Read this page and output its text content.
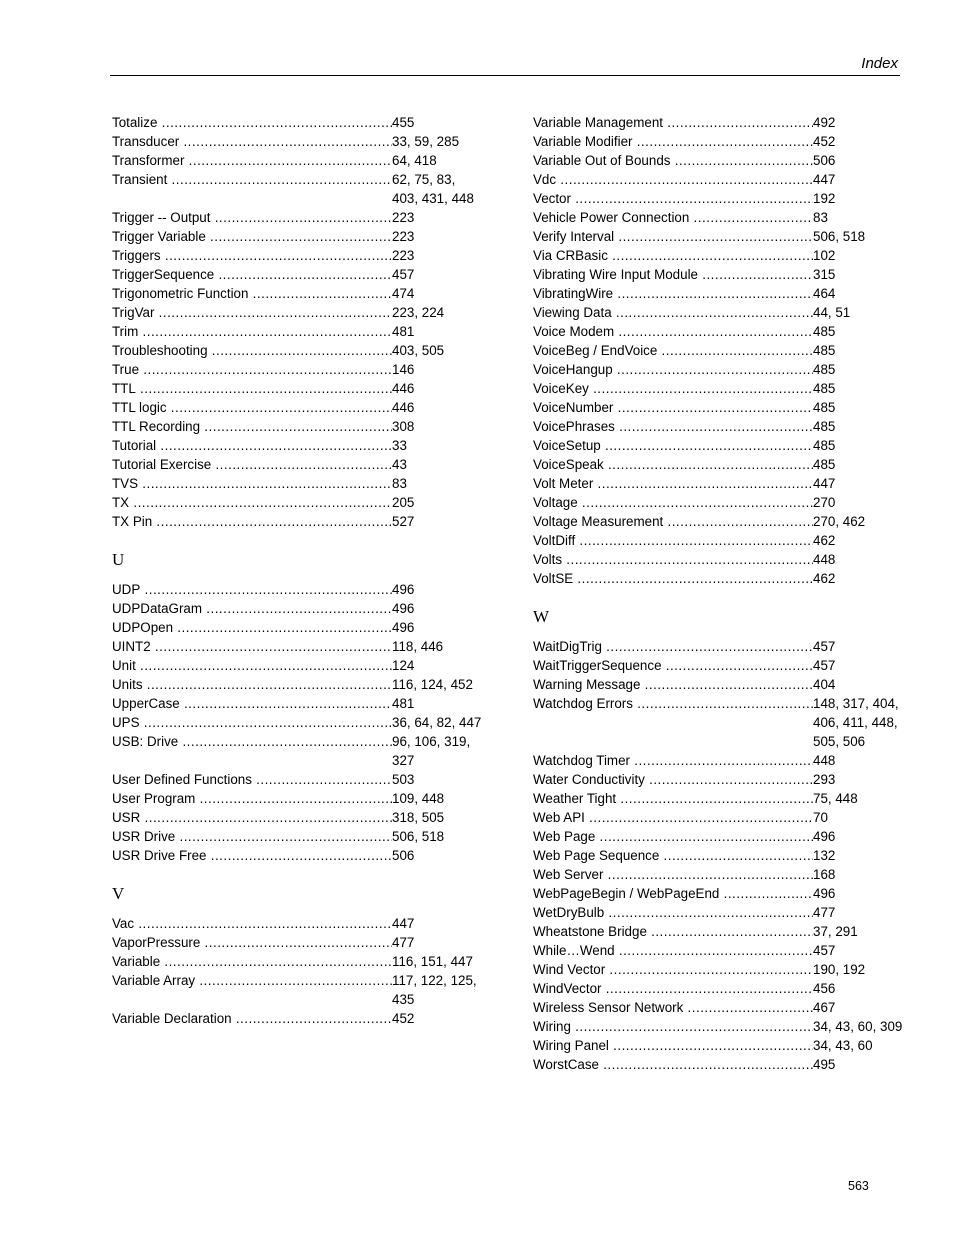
Index
Totalize .....	455
Transducer .....	33, 59, 285
Transformer .....	64, 418
Transient .....	62, 75, 83, 403, 431, 448
Trigger -- Output .....	223
Trigger Variable .....	223
Triggers .....	223
TriggerSequence .....	457
Trigonometric Function .....	474
TrigVar .....	223, 224
Trim .....	481
Troubleshooting .....	403, 505
True .....	146
TTL .....	446
TTL logic .....	446
TTL Recording .....	308
Tutorial .....	33
Tutorial Exercise .....	43
TVS .....	83
TX .....	205
TX Pin .....	527
U
UDP .....	496
UDPDataGram .....	496
UDPOpen .....	496
UINT2 .....	118, 446
Unit .....	124
Units .....	116, 124, 452
UpperCase .....	481
UPS .....	36, 64, 82, 447
USB: Drive .....	96, 106, 319, 327
User Defined Functions .....	503
User Program .....	109, 448
USR .....	318, 505
USR Drive .....	506, 518
USR Drive Free .....	506
V
Vac .....	447
VaporPressure .....	477
Variable .....	116, 151, 447
Variable Array .....	117, 122, 125, 435
Variable Declaration .....	452
Variable Management .....	492
Variable Modifier .....	452
Variable Out of Bounds .....	506
Vdc .....	447
Vector .....	192
Vehicle Power Connection .....	83
Verify Interval .....	506, 518
Via CRBasic .....	102
Vibrating Wire Input Module .....	315
VibratingWire .....	464
Viewing Data .....	44, 51
Voice Modem .....	485
VoiceBeg / EndVoice .....	485
VoiceHangup .....	485
VoiceKey .....	485
VoiceNumber .....	485
VoicePhrases .....	485
VoiceSetup .....	485
VoiceSpeak .....	485
Volt Meter .....	447
Voltage .....	270
Voltage Measurement .....	270, 462
VoltDiff .....	462
Volts .....	448
VoltSE .....	462
W
WaitDigTrig .....	457
WaitTriggerSequence .....	457
Warning Message .....	404
Watchdog Errors .....	148, 317, 404, 406, 411, 448, 505, 506
Watchdog Timer .....	448
Water Conductivity .....	293
Weather Tight .....	75, 448
Web API .....	70
Web Page .....	496
Web Page Sequence .....	132
Web Server .....	168
WebPageBegin / WebPageEnd .....	496
WetDryBulb .....	477
Wheatstone Bridge .....	37, 291
While…Wend .....	457
Wind Vector .....	190, 192
WindVector .....	456
Wireless Sensor Network .....	467
Wiring .....	34, 43, 60, 309
Wiring Panel .....	34, 43, 60
WorstCase .....	495
563
